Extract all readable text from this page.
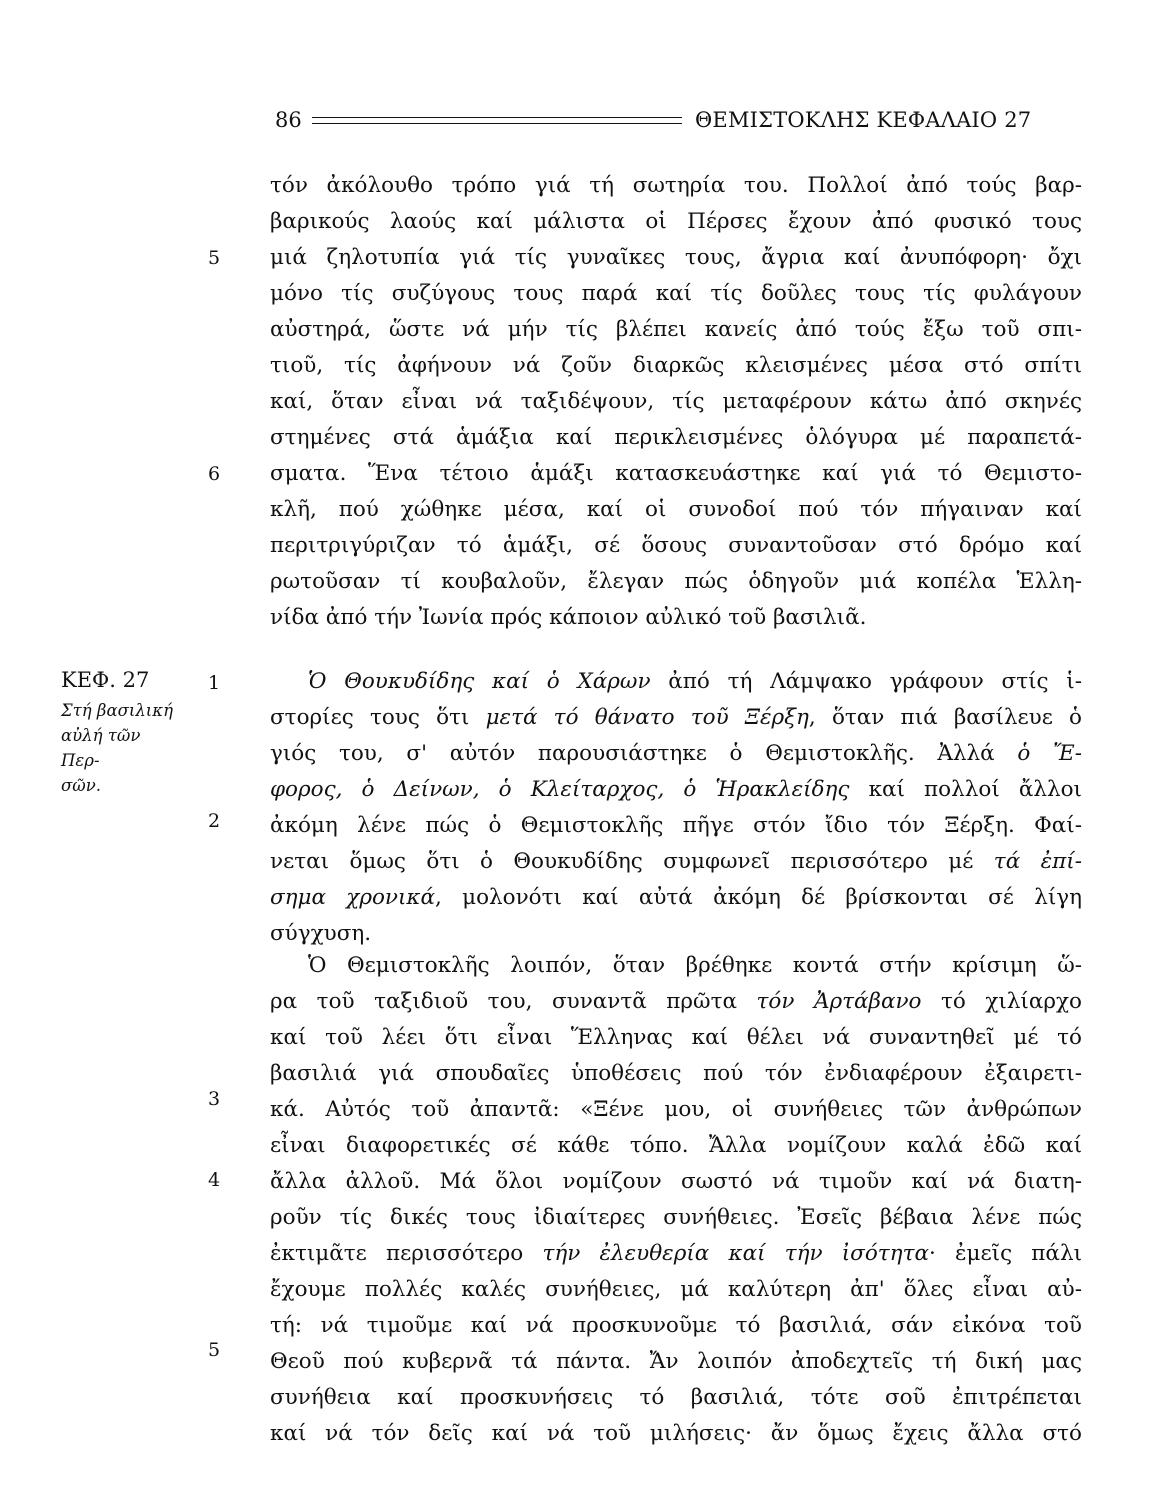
86	ΘΕΜΙΣΤΟΚΛΗΣ ΚΕΦΑΛΑΙΟ 27
ΚΕΦ. 27
Στή βασιλική
αὐλή τῶν Περ-
σῶν.
5
6
1
2
3
4
5
τόν ἀκόλουθο τρόπο γιά τή σωτηρία του. Πολλοί ἀπό τούς βαρ-
βαρικούς λαούς καί μάλιστα οἱ Πέρσες ἔχουν ἀπό φυσικό τους
μιά ζηλοτυπία γιά τίς γυναῖκες τους, ἄγρια καί ἀνυπόφορη· ὄχι
μόνο τίς συζύγους τους παρά καί τίς δοῦλες τους τίς φυλάγουν
αὐστηρά, ὥστε νά μήν τίς βλέπει κανείς ἀπό τούς ἔξω τοῦ σπι-
τιοῦ, τίς ἀφήνουν νά ζοῦν διαρκῶς κλεισμένες μέσα στό σπίτι
καί, ὅταν εἶναι νά ταξιδέψουν, τίς μεταφέρουν κάτω ἀπό σκηνές
στημένες στά ἁμάξια καί περικλεισμένες ὁλόγυρα μέ παραπετά-
σματα. Ἕνα τέτοιο ἁμάξι κατασκευάστηκε καί γιά τό Θεμιστο-
κλῆ, πού χώθηκε μέσα, καί οἱ συνοδοί πού τόν πήγαιναν καί
περιτριγύριζαν τό ἁμάξι, σέ ὅσους συναντοῦσαν στό δρόμο καί
ρωτοῦσαν τί κουβαλοῦν, ἔλεγαν πώς ὁδηγοῦν μιά κοπέλα Ἑλλη-
νίδα ἀπό τήν Ἰωνία πρός κάποιον αὐλικό τοῦ βασιλιᾶ.
Ὁ Θουκυδίδης καί ὁ Χάρων ἀπό τή Λάμψακο γράφουν στίς ἱ-
στορίες τους ὅτι μετά τό θάνατο τοῦ Ξέρξη, ὅταν πιά βασίλευε ὁ
γιός του, σ' αὐτόν παρουσιάστηκε ὁ Θεμιστοκλῆς. Ἀλλά ὁ Ἔ-
φορος, ὁ Δείνων, ὁ Κλείταρχος, ὁ Ἡρακλείδης καί πολλοί ἄλλοι
ἀκόμη λένε πώς ὁ Θεμιστοκλῆς πῆγε στόν ἴδιο τόν Ξέρξη. Φαί-
νεται ὅμως ὅτι ὁ Θουκυδίδης συμφωνεῖ περισσότερο μέ τά ἐπί-
σημα χρονικά, μολονότι καί αὐτά ἀκόμη δέ βρίσκονται σέ λίγη
σύγχυση.
Ὁ Θεμιστοκλῆς λοιπόν, ὅταν βρέθηκε κοντά στήν κρίσιμη ὥ-
ρα τοῦ ταξιδιοῦ του, συναντᾶ πρῶτα τόν Ἀρτάβανο τό χιλίαρχο
καί τοῦ λέει ὅτι εἶναι Ἕλληνας καί θέλει νά συναντηθεῖ μέ τό
βασιλιά γιά σπουδαῖες ὑποθέσεις πού τόν ἐνδιαφέρουν ἐξαιρετι-
κά. Αὐτός τοῦ ἀπαντᾶ: «Ξένε μου, οἱ συνήθειες τῶν ἀνθρώπων
εἶναι διαφορετικές σέ κάθε τόπο. Ἄλλα νομίζουν καλά ἐδῶ καί
ἄλλα ἀλλοῦ. Μά ὅλοι νομίζουν σωστό νά τιμοῦν καί νά διατη-
ροῦν τίς δικές τους ἰδιαίτερες συνήθειες. Ἐσεῖς βέβαια λένε πώς
ἐκτιμᾶτε περισσότερο τήν ἐλευθερία καί τήν ἰσότητα· ἐμεῖς πάλι
ἔχουμε πολλές καλές συνήθειες, μά καλύτερη ἀπ' ὅλες εἶναι αὐ-
τή: νά τιμοῦμε καί νά προσκυνοῦμε τό βασιλιά, σάν εἰκόνα τοῦ
Θεοῦ πού κυβερνᾶ τά πάντα. Ἄν λοιπόν ἀποδεχτεῖς τή δική μας
συνήθεια καί προσκυνήσεις τό βασιλιά, τότε σοῦ ἐπιτρέπεται
καί νά τόν δεῖς καί νά τοῦ μιλήσεις· ἄν ὅμως ἔχεις ἄλλα στό
